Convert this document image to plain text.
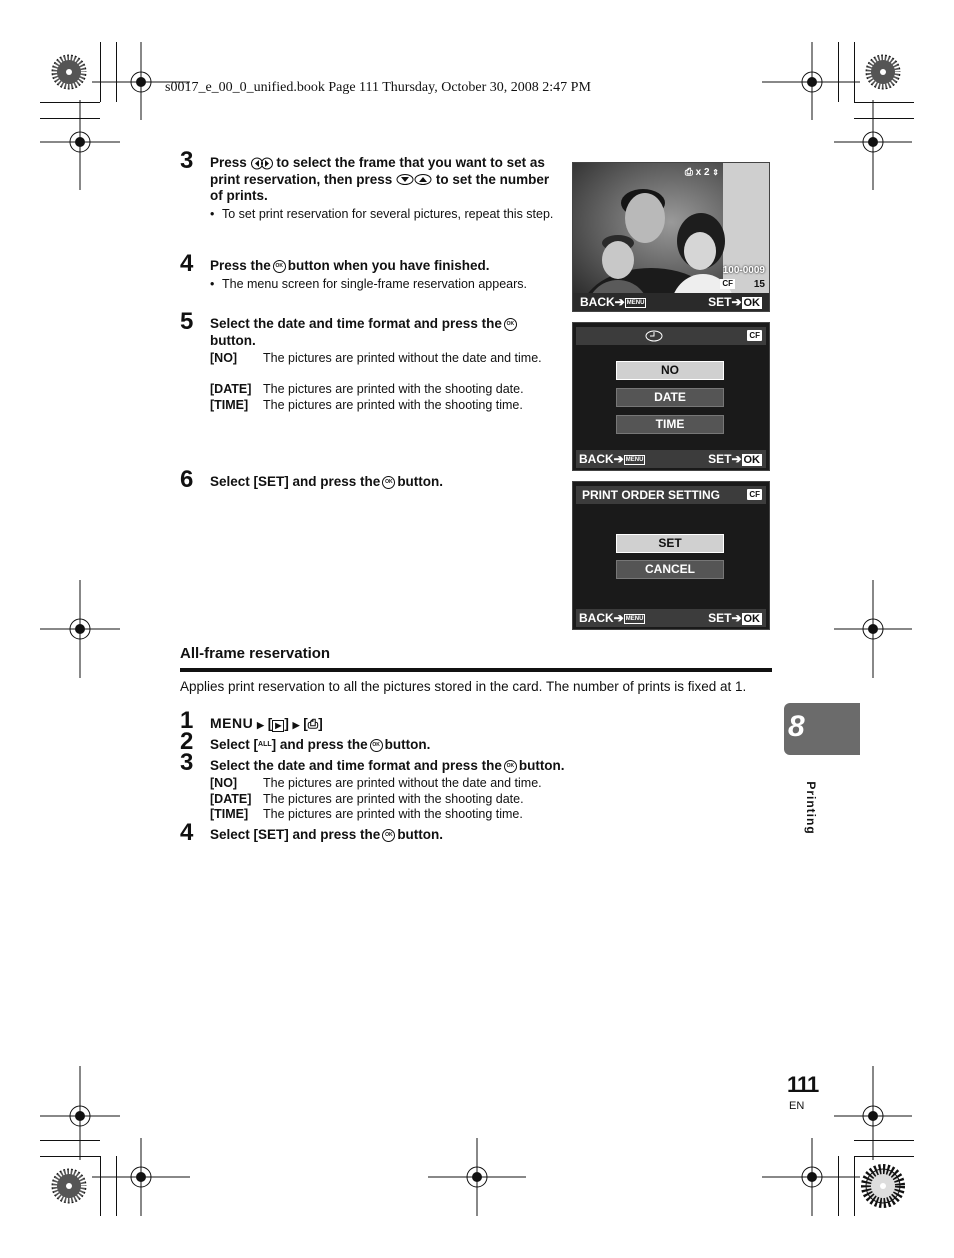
s0017_e_00_0_unified.book Page 111 Thursday, October 30, 2008 2:47 PM
3 Press to select the frame that you want to set as print reservation, then press	to set the number of prints.
• To set print reservation for several pictures, repeat this step.
4 Press the OK button when you have finished.
• The menu screen for single-frame reservation appears.
5 Select the date and time format and press the OK
button.
[NO] The pictures are printed without the date and time.
[DATE] The pictures are printed with the shooting date.
[TIME] The pictures are printed with the shooting time.
6 Select [SET] and press the OK button.
⎙ x 2 ⇕
100-0009
CF 15
BACK➔ MENU	SET➔ OK
CF
NO
DATE
TIME
BACK➔ MENU	SET➔ OK
PRINT ORDER SETTING	CF
SET
CANCEL
BACK➔ MENU	SET➔ OK
All-frame reservation
Applies print reservation to all the pictures stored in the card. The number of prints is fixed at 1.
1 MENU ▶ [ ▶ ] ▶ [⎙]
2 Select [ALL] and press the OK button.
3 Select the date and time format and press the OK button.
[NO] The pictures are printed without the date and time.
[DATE] The pictures are printed with the shooting date.
[TIME] The pictures are printed with the shooting time.
4 Select [SET] and press the OK button.
8
Printing
111
EN
